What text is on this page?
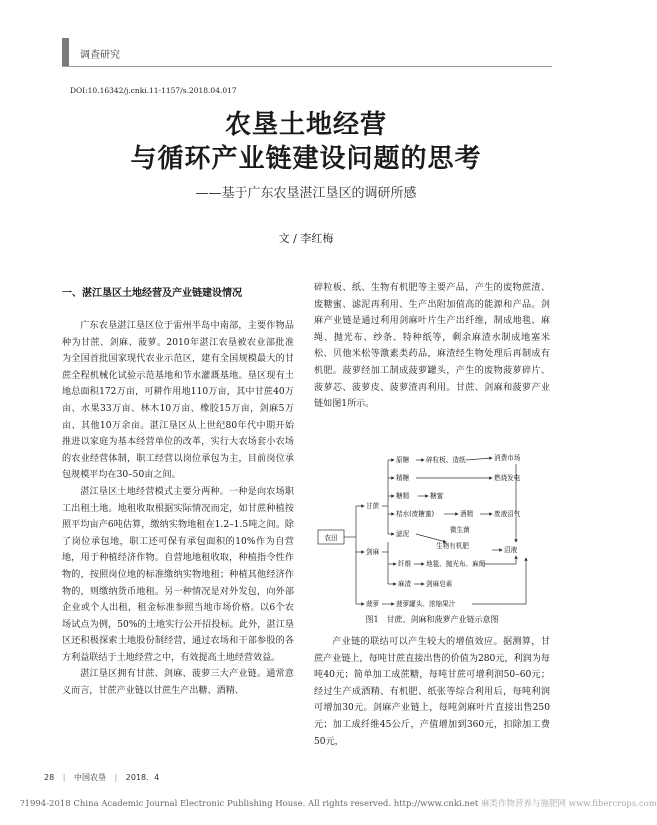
调查研究
DOI:10.16342/j.cnki.11-1157/s.2018.04.017
农垦土地经营
与循环产业链建设问题的思考
——基于广东农垦湛江垦区的调研所感
文 / 李红梅
一、湛江垦区土地经营及产业链建设情况

广东农垦湛江垦区位于雷州半岛中南部，主要作物品种为甘蔗、剑麻、菠萝。2010年湛江农垦被农业部批准为全国首批国家现代农业示范区，建有全国规模最大的甘蔗全程机械化试验示范基地和节水灌溉基地。垦区现有土地总面积172万亩，可耕作用地110万亩，其中甘蔗40万亩、水果33万亩、林木10万亩、橡胶15万亩，剑麻5万亩、其他10万余亩。湛江垦区从上世纪80年代中期开始推进以家庭为基本经营单位的改革，实行大农场套小农场的农业经营体制，职工经营以岗位承包为主，目前岗位承包规模平均在30–50亩之间。

湛江垦区土地经营模式主要分两种。一种是向农场职工出租土地。地租收取根据实际情况而定，如甘蔗种植按照平均亩产6吨估算，缴纳实物地租在1.2–1.5吨之间。除了岗位承包地，职工还可保有承包面积的10%作为自营地，用于种植经济作物。自营地地租收取，种植指令性作物的，按照岗位地的标准缴纳实物地租；种植其他经济作物的，则缴纳货币地租。另一种情况是对外发包，向外部企业或个人出租，租金标准参照当地市场价格。以6个农场试点为例，50%的土地实行公开招投标。此外，湛江垦区还积极探索土地股份制经营，通过农场和干部参股的各方利益联结于土地经营之中，有效提高土地经营效益。

湛江垦区拥有甘蔗、剑麻、菠萝三大产业链。通常意义而言，甘蔗产业链以甘蔗生产出糖、酒精、

碎粒板、纸、生物有机肥等主要产品，产生的废物蔗渣、废糖蜜、滤泥再利用、生产出附加值高的能源和产品。剑麻产业链是通过利用剑麻叶片生产出纤维，制成地毯、麻绳、抛光布、纱条、特种纸等，剩余麻渣水制成地塞米松、贝他米松等激素类药品，麻渣经生物处理后再制成有机肥。菠萝经加工制成菠萝罐头，产生的废物菠萝碎片、菠萝芯、菠萝皮、菠萝渣再利用。甘蔗、剑麻和菠萝产业链如图1所示。

农田
甘蔗
剑麻
菠萝
消费市场
原糖	碎粒板、造纸
精糖	燃烧发电
糖精	糖蜜
桔水(废糖蜜)	酒精	废液沼气
滤泥	微生菌
生物有机肥	沼液
纤维 地毯、抛光布、麻绳
麻渣 剑麻皂素
菠萝罐头、浓缩果汁
图1　甘蔗、剑麻和菠萝产业链示意图

产业链的联结可以产生较大的增值效应。据测算，甘蔗产业链上，每吨甘蔗直接出售的价值为280元，利润为每吨40元；简单加工成蔗糖，每吨甘蔗可增利润50–60元；经过生产成酒精、有机肥、纸张等综合利用后，每吨利润可增加30元。剑麻产业链上，每吨剑麻叶片直接出售250元；加工成纤维45公斤，产值增加到360元，扣除加工费50元，

28 | 中国农垦 | 2018．4
?1994-2018 China Academic Journal Electronic Publishing House. All rights reserved. http://www.cnki.net 麻类作物营养与施肥网 www.fibercrops.com
